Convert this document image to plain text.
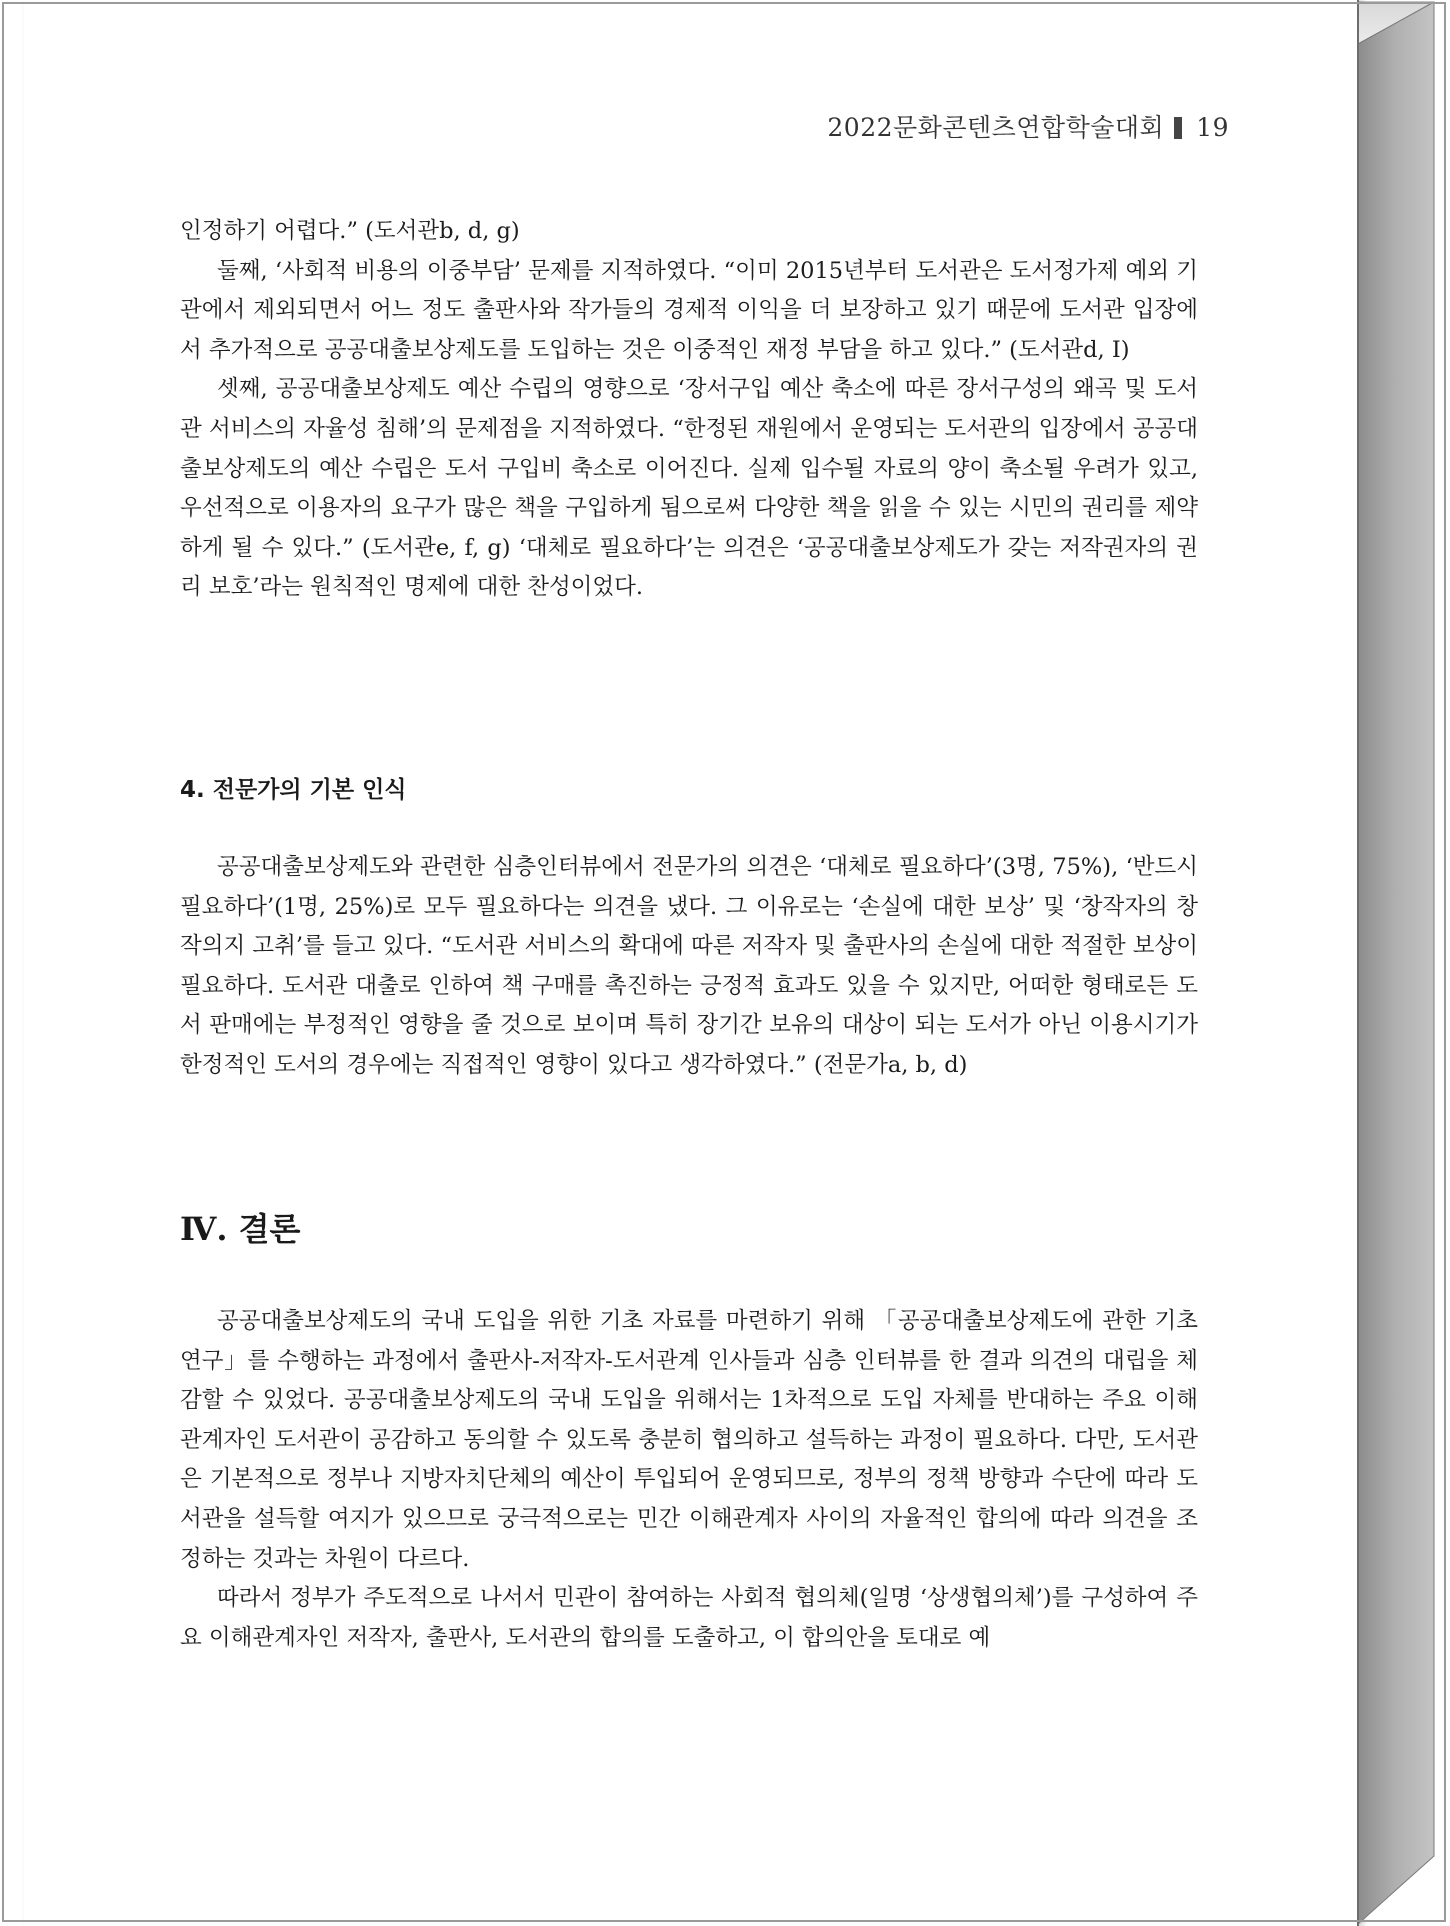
2022문화콘텐츠연합학술대회 19

인정하기 어렵다.” (도서관b, d, g)

둘째, ‘사회적 비용의 이중부담’ 문제를 지적하였다. “이미 2015년부터 도서관은 도서정가제 예외 기관에서 제외되면서 어느 정도 출판사와 작가들의 경제적 이익을 더 보장하고 있기 때문에 도서관 입장에서 추가적으로 공공대출보상제도를 도입하는 것은 이중적인 재정 부담을 하고 있다.” (도서관d, I)

셋째, 공공대출보상제도 예산 수립의 영향으로 ‘장서구입 예산 축소에 따른 장서구성의 왜곡 및 도서관 서비스의 자율성 침해’의 문제점을 지적하였다. “한정된 재원에서 운영되는 도서관의 입장에서 공공대출보상제도의 예산 수립은 도서 구입비 축소로 이어진다. 실제 입수될 자료의 양이 축소될 우려가 있고, 우선적으로 이용자의 요구가 많은 책을 구입하게 됨으로써 다양한 책을 읽을 수 있는 시민의 권리를 제약하게 될 수 있다.” (도서관e, f, g) ‘대체로 필요하다’는 의견은 ‘공공대출보상제도가 갖는 저작권자의 권리 보호’라는 원칙적인 명제에 대한 찬성이었다.

4. 전문가의 기본 인식

공공대출보상제도와 관련한 심층인터뷰에서 전문가의 의견은 ‘대체로 필요하다’(3명, 75%), ‘반드시 필요하다’(1명, 25%)로 모두 필요하다는 의견을 냈다. 그 이유로는 ‘손실에 대한 보상’ 및 ‘창작자의 창작의지 고취’를 들고 있다. “도서관 서비스의 확대에 따른 저작자 및 출판사의 손실에 대한 적절한 보상이 필요하다. 도서관 대출로 인하여 책 구매를 촉진하는 긍정적 효과도 있을 수 있지만, 어떠한 형태로든 도서 판매에는 부정적인 영향을 줄 것으로 보이며 특히 장기간 보유의 대상이 되는 도서가 아닌 이용시기가 한정적인 도서의 경우에는 직접적인 영향이 있다고 생각하였다.” (전문가a, b, d)

Ⅳ. 결론

공공대출보상제도의 국내 도입을 위한 기초 자료를 마련하기 위해 「공공대출보상제도에 관한 기초 연구」를 수행하는 과정에서 출판사-저작자-도서관계 인사들과 심층 인터뷰를 한 결과 의견의 대립을 체감할 수 있었다. 공공대출보상제도의 국내 도입을 위해서는 1차적으로 도입 자체를 반대하는 주요 이해관계자인 도서관이 공감하고 동의할 수 있도록 충분히 협의하고 설득하는 과정이 필요하다. 다만, 도서관은 기본적으로 정부나 지방자치단체의 예산이 투입되어 운영되므로, 정부의 정책 방향과 수단에 따라 도서관을 설득할 여지가 있으므로 궁극적으로는 민간 이해관계자 사이의 자율적인 합의에 따라 의견을 조정하는 것과는 차원이 다르다.

따라서 정부가 주도적으로 나서서 민관이 참여하는 사회적 협의체(일명 ‘상생협의체’)를 구성하여 주요 이해관계자인 저작자, 출판사, 도서관의 합의를 도출하고, 이 합의안을 토대로 예
